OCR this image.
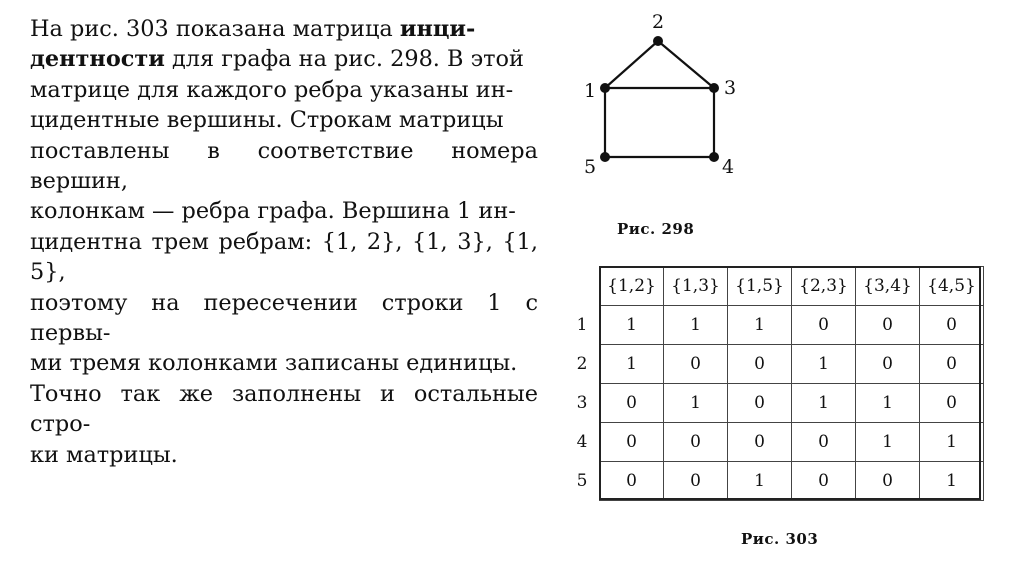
На рис. 303 показана матрица инци-
дентности для графа на рис. 298. В этой
матрице для каждого ребра указаны ин-
цидентные вершины. Строкам матрицы
поставлены в соответствие номера вершин,
колонкам — ребра графа. Вершина 1 ин-
цидентна трем ребрам: {1, 2}, {1, 3}, {1, 5},
поэтому на пересечении строки 1 с первы-
ми тремя колонками записаны единицы.
Точно так же заполнены и остальные стро-
ки матрицы.
1
2
3
4
5
Рис. 298
	{1,2}	{1,3}	{1,5}	{2,3}	{3,4}	{4,5}
1	1	1	1	0	0	0
2	1	0	0	1	0	0
3	0	1	0	1	1	0
4	0	0	0	0	1	1
5	0	0	1	0	0	1
Рис. 303
